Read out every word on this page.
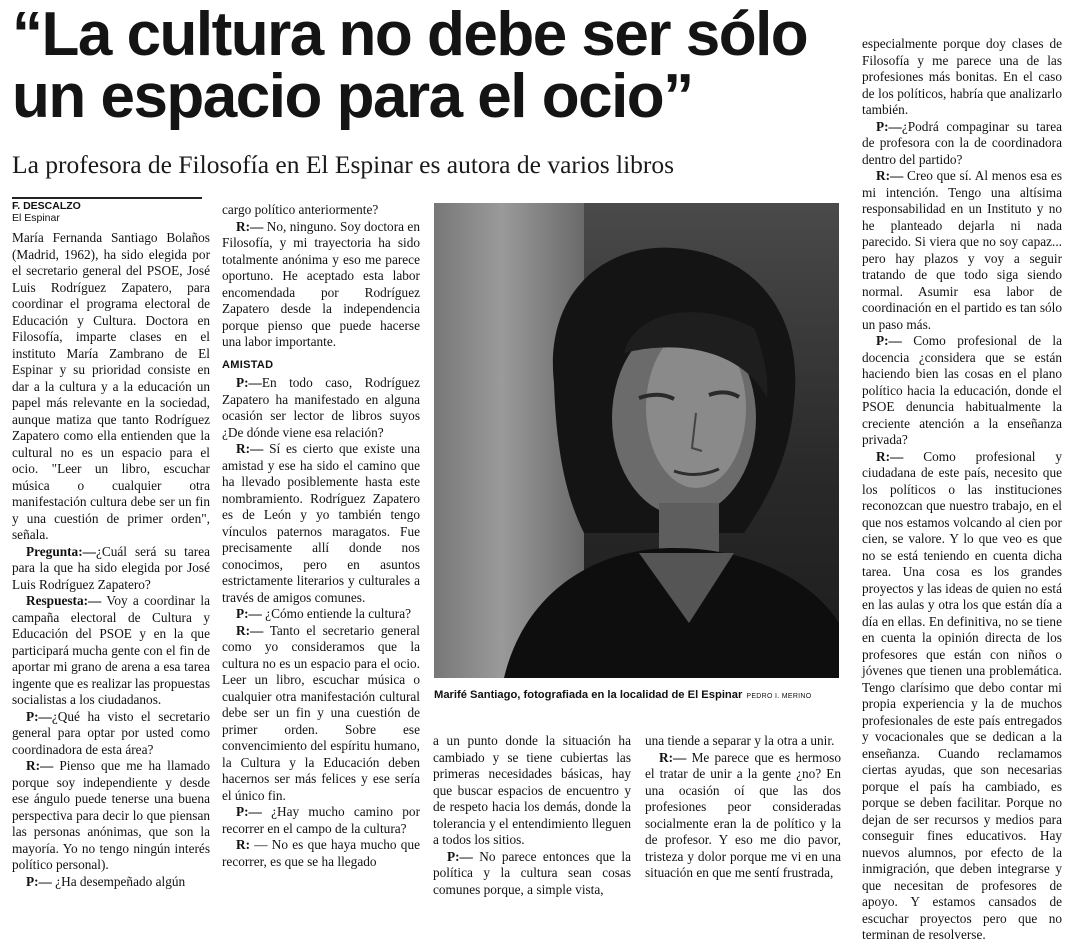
“La cultura no debe ser sólo
un espacio para el ocio”
La profesora de Filosofía en El Espinar es autora de varios libros
F. DESCALZO
El Espinar

María Fernanda Santiago Bolaños (Madrid, 1962), ha sido elegida por el secretario general del PSOE, José Luis Rodríguez Zapatero, para coordinar el programa electoral de Educación y Cultura. Doctora en Filosofía, imparte clases en el instituto María Zambrano de El Espinar y su prioridad consiste en dar a la cultura y a la educación un papel más relevante en la sociedad, aunque matiza que tanto Rodríguez Zapatero como ella entienden que la cultural no es un espacio para el ocio. "Leer un libro, escuchar música o cualquier otra manifestación cultura debe ser un fin y una cuestión de primer orden", señala.

Pregunta:—¿Cuál será su tarea para la que ha sido elegida por José Luis Rodríguez Zapatero?

Respuesta:— Voy a coordinar la campaña electoral de Cultura y Educación del PSOE y en la que participará mucha gente con el fin de aportar mi grano de arena a esa tarea ingente que es realizar las propuestas socialistas a los ciudadanos.

P:—¿Qué ha visto el secretario general para optar por usted como coordinadora de esta área?

R:— Pienso que me ha llamado porque soy independiente y desde ese ángulo puede tenerse una buena perspectiva para decir lo que piensan las personas anónimas, que son la mayoría. Yo no tengo ningún interés político personal).

P:— ¿Ha desempeñado algún

cargo político anteriormente?

R:— No, ninguno. Soy doctora en Filosofía, y mi trayectoria ha sido totalmente anónima y eso me parece oportuno. He aceptado esta labor encomendada por Rodríguez Zapatero desde la independencia porque pienso que puede hacerse una labor importante.

AMISTAD

P:—En todo caso, Rodríguez Zapatero ha manifestado en alguna ocasión ser lector de libros suyos ¿De dónde viene esa relación?

R:— Sí es cierto que existe una amistad y ese ha sido el camino que ha llevado posiblemente hasta este nombramiento. Rodríguez Zapatero es de León y yo también tengo vínculos paternos maragatos. Fue precisamente allí donde nos conocimos, pero en asuntos estrictamente literarios y culturales a través de amigos comunes.

P:— ¿Cómo entiende la cultura?

R:— Tanto el secretario general como yo consideramos que la cultura no es un espacio para el ocio. Leer un libro, escuchar música o cualquier otra manifestación cultural debe ser un fin y una cuestión de primer orden. Sobre ese convencimiento del espíritu humano, la Cultura y la Educación deben hacernos ser más felices y ese sería el único fin.

P:— ¿Hay mucho camino por recorrer en el campo de la cultura?

R: — No es que haya mucho que recorrer, es que se ha llegado

Marifé Santiago, fotografiada en la localidad de El Espinar PEDRO I. MERINO

a un punto donde la situación ha cambiado y se tiene cubiertas las primeras necesidades básicas, hay que buscar espacios de encuentro y de respeto hacia los demás, donde la tolerancia y el entendimiento lleguen a todos los sitios.

P:— No parece entonces que la política y la cultura sean cosas comunes porque, a simple vista,

una tiende a separar y la otra a unir.

R:— Me parece que es hermoso el tratar de unir a la gente ¿no? En una ocasión oí que las dos profesiones peor consideradas socialmente eran la de político y la de profesor. Y eso me dio pavor, tristeza y dolor porque me vi en una situación en que me sentí frustrada,

especialmente porque doy clases de Filosofía y me parece una de las profesiones más bonitas. En el caso de los políticos, habría que analizarlo también.

P:—¿Podrá compaginar su tarea de profesora con la de coordinadora dentro del partido?

R:— Creo que sí. Al menos esa es mi intención. Tengo una altísima responsabilidad en un Instituto y no he planteado dejarla ni nada parecido. Si viera que no soy capaz... pero hay plazos y voy a seguir tratando de que todo siga siendo normal. Asumir esa labor de coordinación en el partido es tan sólo un paso más.

P:— Como profesional de la docencia ¿considera que se están haciendo bien las cosas en el plano político hacia la educación, donde el PSOE denuncia habitualmente la creciente atención a la enseñanza privada?

R:— Como profesional y ciudadana de este país, necesito que los políticos o las instituciones reconozcan que nuestro trabajo, en el que nos estamos volcando al cien por cien, se valore. Y lo que veo es que no se está teniendo en cuenta dicha tarea. Una cosa es los grandes proyectos y las ideas de quien no está en las aulas y otra los que están día a día en ellas. En definitiva, no se tiene en cuenta la opinión directa de los profesores que están con niños o jóvenes que tienen una problemática. Tengo clarísimo que debo contar mi propia experiencia y la de muchos profesionales de este país entregados y vocacionales que se dedican a la enseñanza. Cuando reclamamos ciertas ayudas, que son necesarias porque el país ha cambiado, es porque se deben facilitar. Porque no dejan de ser recursos y medios para conseguir fines educativos. Hay nuevos alumnos, por efecto de la inmigración, que deben integrarse y que necesitan de profesores de apoyo. Y estamos cansados de escuchar proyectos pero que no terminan de resolverse.
